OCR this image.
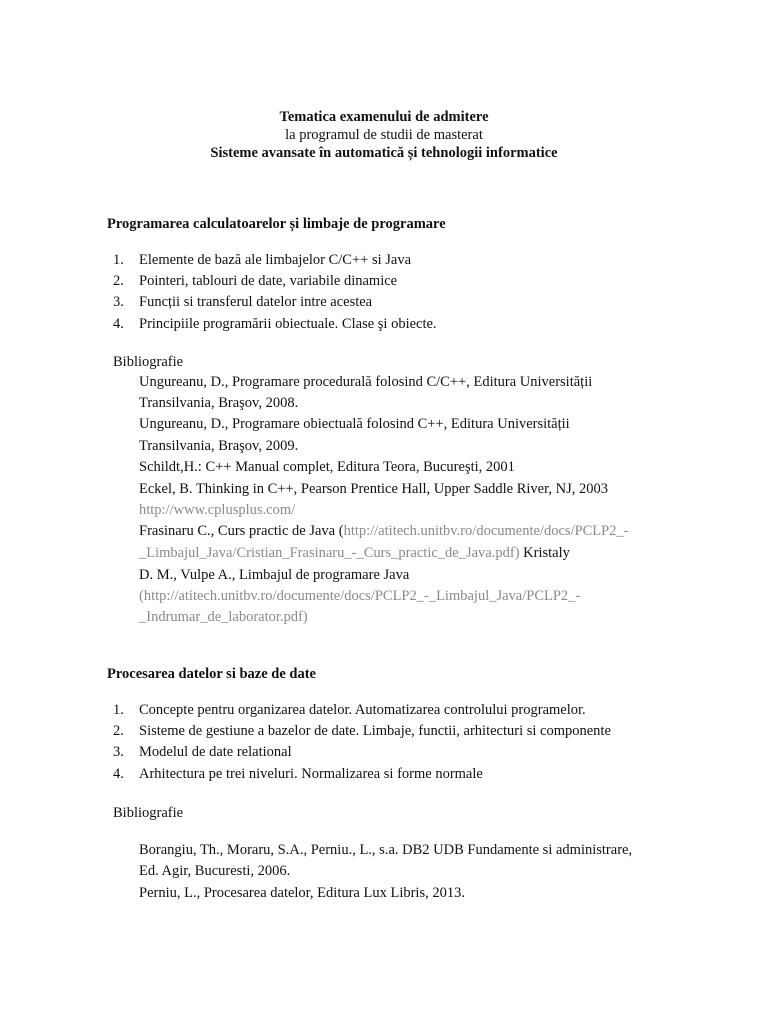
Tematica examenului de admitere
la programul de studii de masterat
Sisteme avansate în automatică și tehnologii informatice
Programarea calculatoarelor și limbaje de programare
1. Elemente de bază ale limbajelor C/C++ si Java
2. Pointeri, tablouri de date, variabile dinamice
3. Funcții si transferul datelor intre acestea
4. Principiile programării obiectuale. Clase şi obiecte.
Bibliografie
Ungureanu, D., Programare procedurală folosind C/C++, Editura Universității
Transilvania, Braşov, 2008.
Ungureanu, D., Programare obiectuală folosind C++, Editura Universității
Transilvania, Braşov, 2009.
Schildt,H.: C++ Manual complet, Editura Teora, Bucureşti, 2001
Eckel, B. Thinking in C++, Pearson Prentice Hall, Upper Saddle River, NJ, 2003
http://www.cplusplus.com/
Frasinaru C., Curs practic de Java (http://atitech.unitbv.ro/documente/docs/PCLP2_-
_Limbajul_Java/Cristian_Frasinaru_-_Curs_practic_de_Java.pdf) Kristaly
D. M., Vulpe A., Limbajul de programare Java
(http://atitech.unitbv.ro/documente/docs/PCLP2_-_Limbajul_Java/PCLP2_-
_Indrumar_de_laborator.pdf)
Procesarea datelor si baze de date
1. Concepte pentru organizarea datelor. Automatizarea controlului programelor.
2. Sisteme de gestiune a bazelor de date. Limbaje, functii, arhitecturi si componente
3. Modelul de date relational
4. Arhitectura pe trei niveluri. Normalizarea si forme normale
Bibliografie
Borangiu, Th., Moraru, S.A., Perniu., L., s.a. DB2 UDB Fundamente si administrare,
Ed. Agir, Bucuresti, 2006.
Perniu, L., Procesarea datelor, Editura Lux Libris, 2013.
